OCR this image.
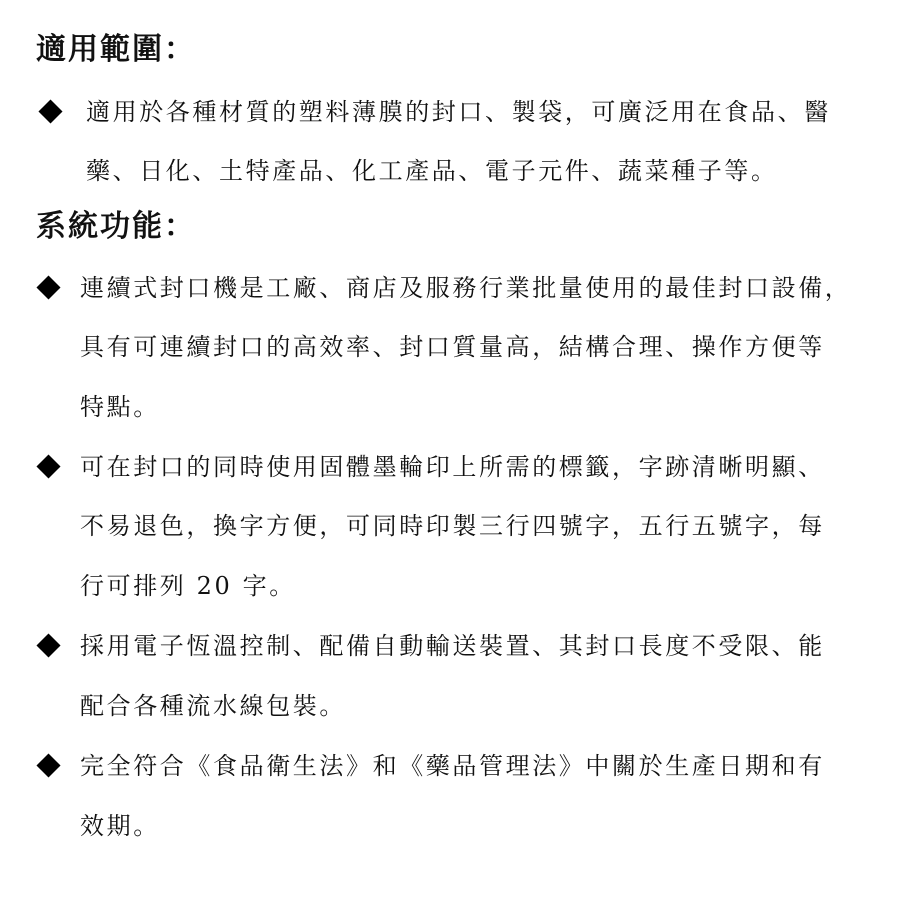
適用範圍：
適用於各種材質的塑料薄膜的封口、製袋，可廣泛用在食品、醫
藥、日化、土特產品、化工產品、電子元件、蔬菜種子等。
系統功能：
連續式封口機是工廠、商店及服務行業批量使用的最佳封口設備，
具有可連續封口的高效率、封口質量高，結構合理、操作方便等
特點。
可在封口的同時使用固體墨輪印上所需的標籤，字跡清晰明顯、
不易退色，換字方便，可同時印製三行四號字，五行五號字，每
行可排列 20 字。
採用電子恆溫控制、配備自動輸送裝置、其封口長度不受限、能
配合各種流水線包裝。
完全符合《食品衛生法》和《藥品管理法》中關於生產日期和有
效期。
